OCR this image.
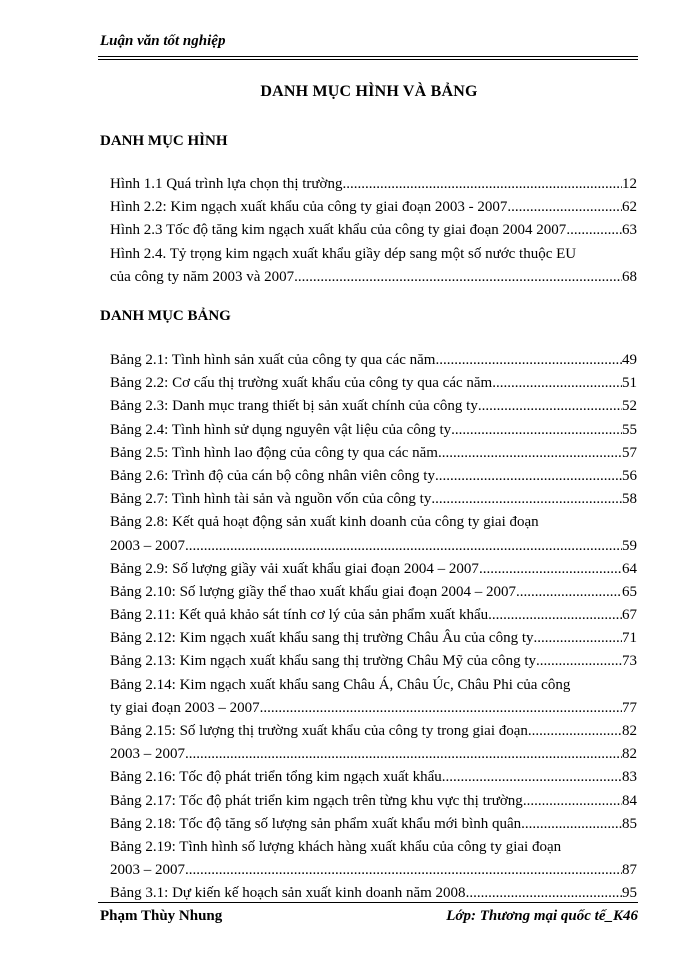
Luận văn tốt nghiệp
DANH MỤC HÌNH VÀ BẢNG
DANH MỤC HÌNH
Hình 1.1 Quá trình lựa chọn thị trường .....	12
Hình 2.2: Kim ngạch xuất khẩu của công ty giai đoạn 2003 - 2007 .....	62
Hình 2.3 Tốc độ tăng kim ngạch xuất khẩu của công ty giai đoạn 2004 2007 .....	63
Hình 2.4. Tỷ trọng kim ngạch xuất khẩu giầy dép sang một số nước thuộc EU
của công ty năm 2003 và 2007 .....	68
DANH MỤC BẢNG
Bảng 2.1: Tình hình sản xuất của công ty qua các năm .....	49
Bảng 2.2: Cơ cấu thị trường xuất khẩu của công ty qua các năm. .....	51
Bảng 2.3: Danh mục trang thiết bị sản xuất chính của công ty .....	52
Bảng 2.4: Tình hình sử dụng nguyên vật liệu của công ty .....	55
Bảng 2.5: Tình hình lao động của công ty qua các năm. .....	57
Bảng 2.6: Trình độ của cán bộ công nhân viên công ty .....	56
Bảng 2.7: Tình hình tài sản và nguồn vốn của công ty .....	58
Bảng 2.8: Kết quả hoạt động sản xuất kinh doanh của công ty giai đoạn
2003 – 2007 .....	59
Bảng 2.9: Số lượng giầy vải xuất khẩu giai đoạn 2004 – 2007 .....	64
Bảng 2.10: Số lượng giầy thể thao xuất khẩu giai đoạn 2004 – 2007 .....	65
Bảng 2.11: Kết quả khảo sát tính cơ lý của sản phẩm xuất khẩu .....	67
Bảng 2.12: Kim ngạch xuất khẩu sang thị trường Châu Âu của công ty .....	71
Bảng 2.13: Kim ngạch xuất khẩu sang thị trường Châu Mỹ của công ty .....	73
Bảng 2.14: Kim ngạch xuất khẩu sang Châu Á, Châu Úc, Châu Phi của công
ty giai đoạn 2003 – 2007 .....	77
Bảng 2.15: Số lượng thị trường xuất khẩu của công ty trong giai đoạn .....	82
2003 – 2007 .....	82
Bảng 2.16: Tốc độ phát triển tổng kim ngạch xuất khẩu .....	83
Bảng 2.17: Tốc độ phát triển kim ngạch trên từng khu vực thị trường .....	84
Bảng 2.18: Tốc độ tăng số lượng sản phẩm xuất khẩu mới bình quân .....	85
Bảng 2.19: Tình hình số lượng khách hàng xuất khẩu của công ty giai đoạn
2003 – 2007 .....	87
Bảng 3.1: Dự kiến kế hoạch sản xuất kinh doanh năm 2008 .....	95
Phạm Thùy Nhung	Lớp: Thương mại quốc tế_K46
